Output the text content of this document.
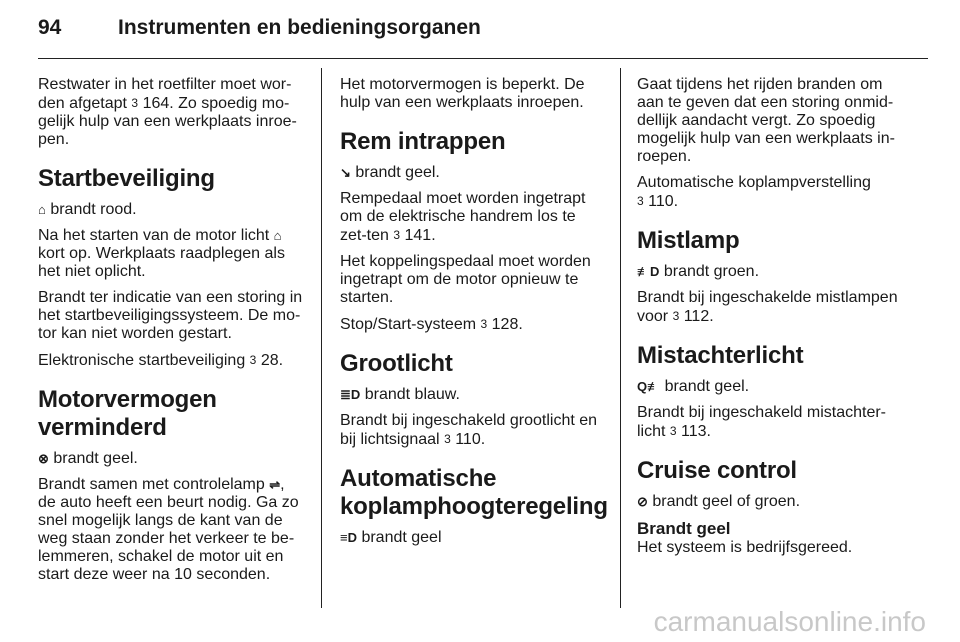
94	Instrumenten en bedieningsorganen

Restwater in het roetfilter moet wor-den afgetapt 3 164. Zo spoedig mo-gelijk hulp van een werkplaats inroe-pen.

Startbeveiliging

⌂ brandt rood.

Na het starten van de motor licht ⌂ kort op. Werkplaats raadplegen als het niet oplicht.

Brandt ter indicatie van een storing in het startbeveiligingssysteem. De mo-tor kan niet worden gestart.

Elektronische startbeveiliging 3 28.

Motorvermogen
verminderd

⊗ brandt geel.

Brandt samen met controlelamp ⇌, de auto heeft een beurt nodig. Ga zo snel mogelijk langs de kant van de weg staan zonder het verkeer te be-lemmeren, schakel de motor uit en start deze weer na 10 seconden.

Het motorvermogen is beperkt. De hulp van een werkplaats inroepen.

Rem intrappen

↘ brandt geel.

Rempedaal moet worden ingetrapt om de elektrische handrem los te zet-ten 3 141.

Het koppelingspedaal moet worden ingetrapt om de motor opnieuw te starten.

Stop/Start-systeem 3 128.

Grootlicht

≣D brandt blauw.

Brandt bij ingeschakeld grootlicht en bij lichtsignaal 3 110.

Automatische
koplamphoogteregeling

≡D brandt geel

Gaat tijdens het rijden branden om aan te geven dat een storing onmid-dellijk aandacht vergt. Zo spoedig mogelijk hulp van een werkplaats in-roepen.

Automatische koplampverstelling
3 110.

Mistlamp

≢D brandt groen.

Brandt bij ingeschakelde mistlampen voor 3 112.

Mistachterlicht

Q≢ brandt geel.

Brandt bij ingeschakeld mistachter-licht 3 113.

Cruise control

⊘ brandt geel of groen.

Brandt geel

Het systeem is bedrijfsgereed.

carmanualsonline.info
